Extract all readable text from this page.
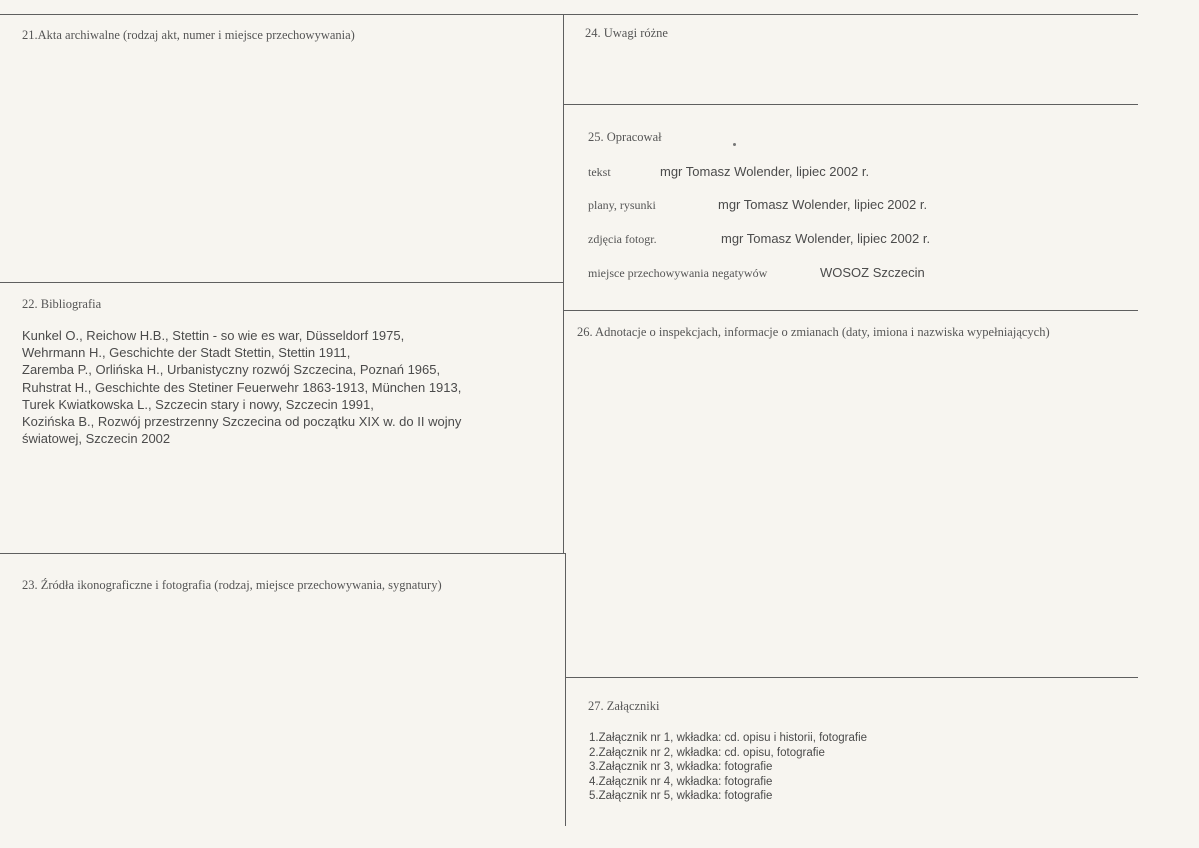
21.Akta archiwalne (rodzaj akt, numer i miejsce przechowywania)
22. Bibliografia
Kunkel O., Reichow H.B., Stettin - so wie es war, Düsseldorf 1975,
Wehrmann H., Geschichte der Stadt Stettin, Stettin 1911,
Zaremba P., Orlińska H., Urbanistyczny rozwój Szczecina, Poznań 1965,
Ruhstrat H., Geschichte des Stetiner Feuerwehr 1863-1913, München 1913,
Turek Kwiatkowska L., Szczecin stary i nowy, Szczecin 1991,
Kozińska B., Rozwój przestrzenny Szczecina od początku XIX w. do II wojny
światowej, Szczecin 2002
23. Źródła ikonograficzne i fotografia (rodzaj, miejsce przechowywania, sygnatury)
24. Uwagi różne
25. Opracował
tekst	mgr Tomasz Wolender, lipiec 2002 r.
plany, rysunki	mgr Tomasz Wolender, lipiec 2002 r.
zdjęcia fotogr.	mgr Tomasz Wolender, lipiec 2002 r.
miejsce przechowywania negatywów	WOSOZ Szczecin
26. Adnotacje o inspekcjach, informacje o zmianach (daty, imiona i nazwiska wypełniających)
27. Załączniki
1.Załącznik nr 1, wkładka: cd. opisu i historii, fotografie
2.Załącznik nr 2, wkładka: cd. opisu, fotografie
3.Załącznik nr 3, wkładka: fotografie
4.Załącznik nr 4, wkładka: fotografie
5.Załącznik nr 5, wkładka: fotografie
